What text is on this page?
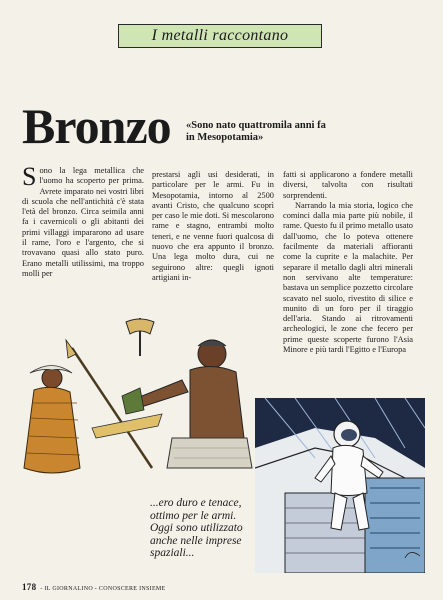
I metalli raccontano
Bronzo «Sono nato quattromila anni fa in Mesopotamia»
Sono la lega metallica che l'uomo ha scoperto per prima. Avrete imparato nei vostri libri di scuola che nell'antichità c'è stata l'età del bronzo. Circa seimila anni fa i cavernicoli o gli abitanti dei primi villaggi impararono ad usare il rame, l'oro e l'argento, che si trovavano quasi allo stato puro. Erano metalli utilissimi, ma troppo molli per
prestarsi agli usi desiderati, in particolare per le armi. Fu in Mesopotamia, intorno al 2500 avanti Cristo, che qualcuno scoprì per caso le mie doti. Si mescolarono rame e stagno, entrambi molto teneri, e ne venne fuori qualcosa di nuovo che era appunto il bronzo. Una lega molto dura, cui ne seguirono altre: quegli ignoti artigiani in-

fatti si applicarono a fondere metalli diversi, talvolta con risultati sorprendenti.

Narrando la mia storia, logico che cominci dalla mia parte più nobile, il rame. Questo fu il primo metallo usato dall'uomo, che lo poteva ottenere facilmente da materiali affioranti come la cuprite e la malachite. Per separare il metallo dagli altri minerali non servivano alte temperature: bastava un semplice pozzetto circolare scavato nel suolo, rivestito di silice e munito di un foro per il tiraggio dell'aria. Stando ai ritrovamenti archeologici, le zone che fecero per prime queste scoperte furono l'Asia Minore e più tardi l'Egitto e l'Europa

...ero duro e tenace, ottimo per le armi. Oggi sono utilizzato anche nelle imprese spaziali...
178 - IL GIORNALINO - CONOSCERE INSIEME
